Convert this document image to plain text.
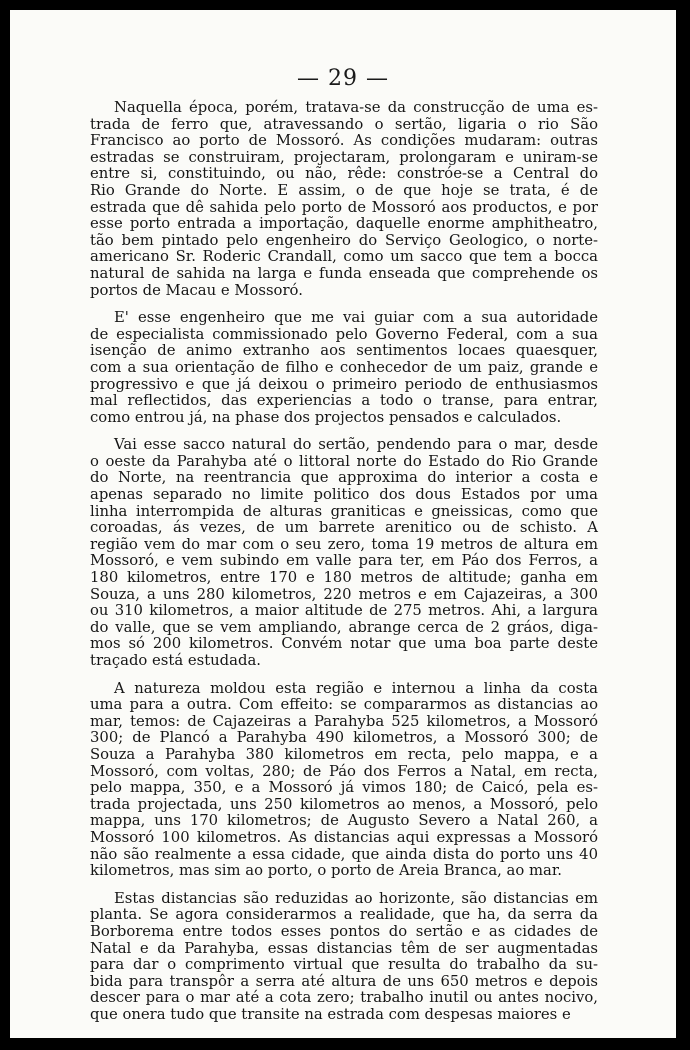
— 29 —
Naquella época, porém, tratava-se da construcção de uma es-
trada de ferro que, atravessando o sertão, ligaria o rio São
Francisco ao porto de Mossoró. As condições mudaram: outras
estradas se construiram, projectaram, prolongaram e uniram-se
entre si, constituindo, ou não, rêde: constróe-se a Central do
Rio Grande do Norte. E assim, o de que hoje se trata, é de
estrada que dê sahida pelo porto de Mossoró aos productos, e por
esse porto entrada a importação, daquelle enorme amphitheatro,
tão bem pintado pelo engenheiro do Serviço Geologico, o norte-
americano Sr. Roderic Crandall, como um sacco que tem a bocca
natural de sahida na larga e funda enseada que comprehende os
portos de Macau e Mossoró.
E' esse engenheiro que me vai guiar com a sua autoridade
de especialista commissionado pelo Governo Federal, com a sua
isenção de animo extranho aos sentimentos locaes quaesquer,
com a sua orientação de filho e conhecedor de um paiz, grande e
progressivo e que já deixou o primeiro periodo de enthusiasmos
mal reflectidos, das experiencias a todo o transe, para entrar,
como entrou já, na phase dos projectos pensados e calculados.
Vai esse sacco natural do sertão, pendendo para o mar, desde
o oeste da Parahyba até o littoral norte do Estado do Rio Grande
do Norte, na reentrancia que approxima do interior a costa e
apenas separado no limite politico dos dous Estados por uma
linha interrompida de alturas graniticas e gneissicas, como que
coroadas, ás vezes, de um barrete arenitico ou de schisto. A
região vem do mar com o seu zero, toma 19 metros de altura em
Mossoró, e vem subindo em valle para ter, em Páo dos Ferros, a
180 kilometros, entre 170 e 180 metros de altitude; ganha em
Souza, a uns 280 kilometros, 220 metros e em Cajazeiras, a 300
ou 310 kilometros, a maior altitude de 275 metros. Ahi, a largura
do valle, que se vem ampliando, abrange cerca de 2 gráos, diga-
mos só 200 kilometros. Convém notar que uma boa parte deste
traçado está estudada.
A natureza moldou esta região e internou a linha da costa
uma para a outra. Com effeito: se compararmos as distancias ao
mar, temos: de Cajazeiras a Parahyba 525 kilometros, a Mossoró
300; de Plancó a Parahyba 490 kilometros, a Mossoró 300; de
Souza a Parahyba 380 kilometros em recta, pelo mappa, e a
Mossoró, com voltas, 280; de Páo dos Ferros a Natal, em recta,
pelo mappa, 350, e a Mossoró já vimos 180; de Caicó, pela es-
trada projectada, uns 250 kilometros ao menos, a Mossoró, pelo
mappa, uns 170 kilometros; de Augusto Severo a Natal 260, a
Mossoró 100 kilometros. As distancias aqui expressas a Mossoró
não são realmente a essa cidade, que ainda dista do porto uns 40
kilometros, mas sim ao porto, o porto de Areia Branca, ao mar.
Estas distancias são reduzidas ao horizonte, são distancias em
planta. Se agora considerarmos a realidade, que ha, da serra da
Borborema entre todos esses pontos do sertão e as cidades de
Natal e da Parahyba, essas distancias têm de ser augmentadas
para dar o comprimento virtual que resulta do trabalho da su-
bida para transpôr a serra até altura de uns 650 metros e depois
descer para o mar até a cota zero; trabalho inutil ou antes nocivo,
que onera tudo que transite na estrada com despesas maiores e
